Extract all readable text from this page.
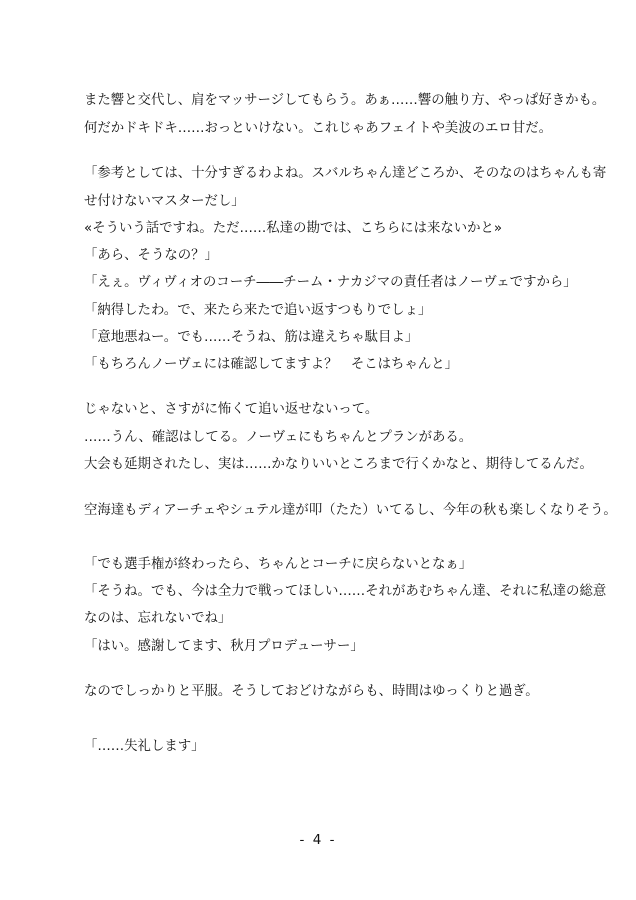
また響と交代し、肩をマッサージしてもらう。あぁ……響の触り方、やっぱ好きかも。
何だかドキドキ……おっといけない。これじゃあフェイトや美波のエロ甘だ。
「参考としては、十分すぎるわよね。スバルちゃん達どころか、そのなのはちゃんも寄
せ付けないマスターだし」
«そういう話ですね。ただ……私達の勘では、こちらには来ないかと»
「あら、そうなの？」
「えぇ。ヴィヴィオのコーチ――チーム・ナカジマの責任者はノーヴェですから」
「納得したわ。で、来たら来たで追い返すつもりでしょ」
「意地悪ねー。でも……そうね、筋は違えちゃ駄目よ」
「もちろんノーヴェには確認してますよ？　そこはちゃんと」
じゃないと、さすがに怖くて追い返せないって。
……うん、確認はしてる。ノーヴェにもちゃんとプランがある。
大会も延期されたし、実は……かなりいいところまで行くかなと、期待してるんだ。
空海達もディアーチェやシュテル達が叩（たた）いてるし、今年の秋も楽しくなりそう。
「でも選手権が終わったら、ちゃんとコーチに戻らないとなぁ」
「そうね。でも、今は全力で戦ってほしい……それがあむちゃん達、それに私達の総意
なのは、忘れないでね」
「はい。感謝してます、秋月プロデューサー」
なのでしっかりと平服。そうしておどけながらも、時間はゆっくりと過ぎ。
「……失礼します」
- 4 -
